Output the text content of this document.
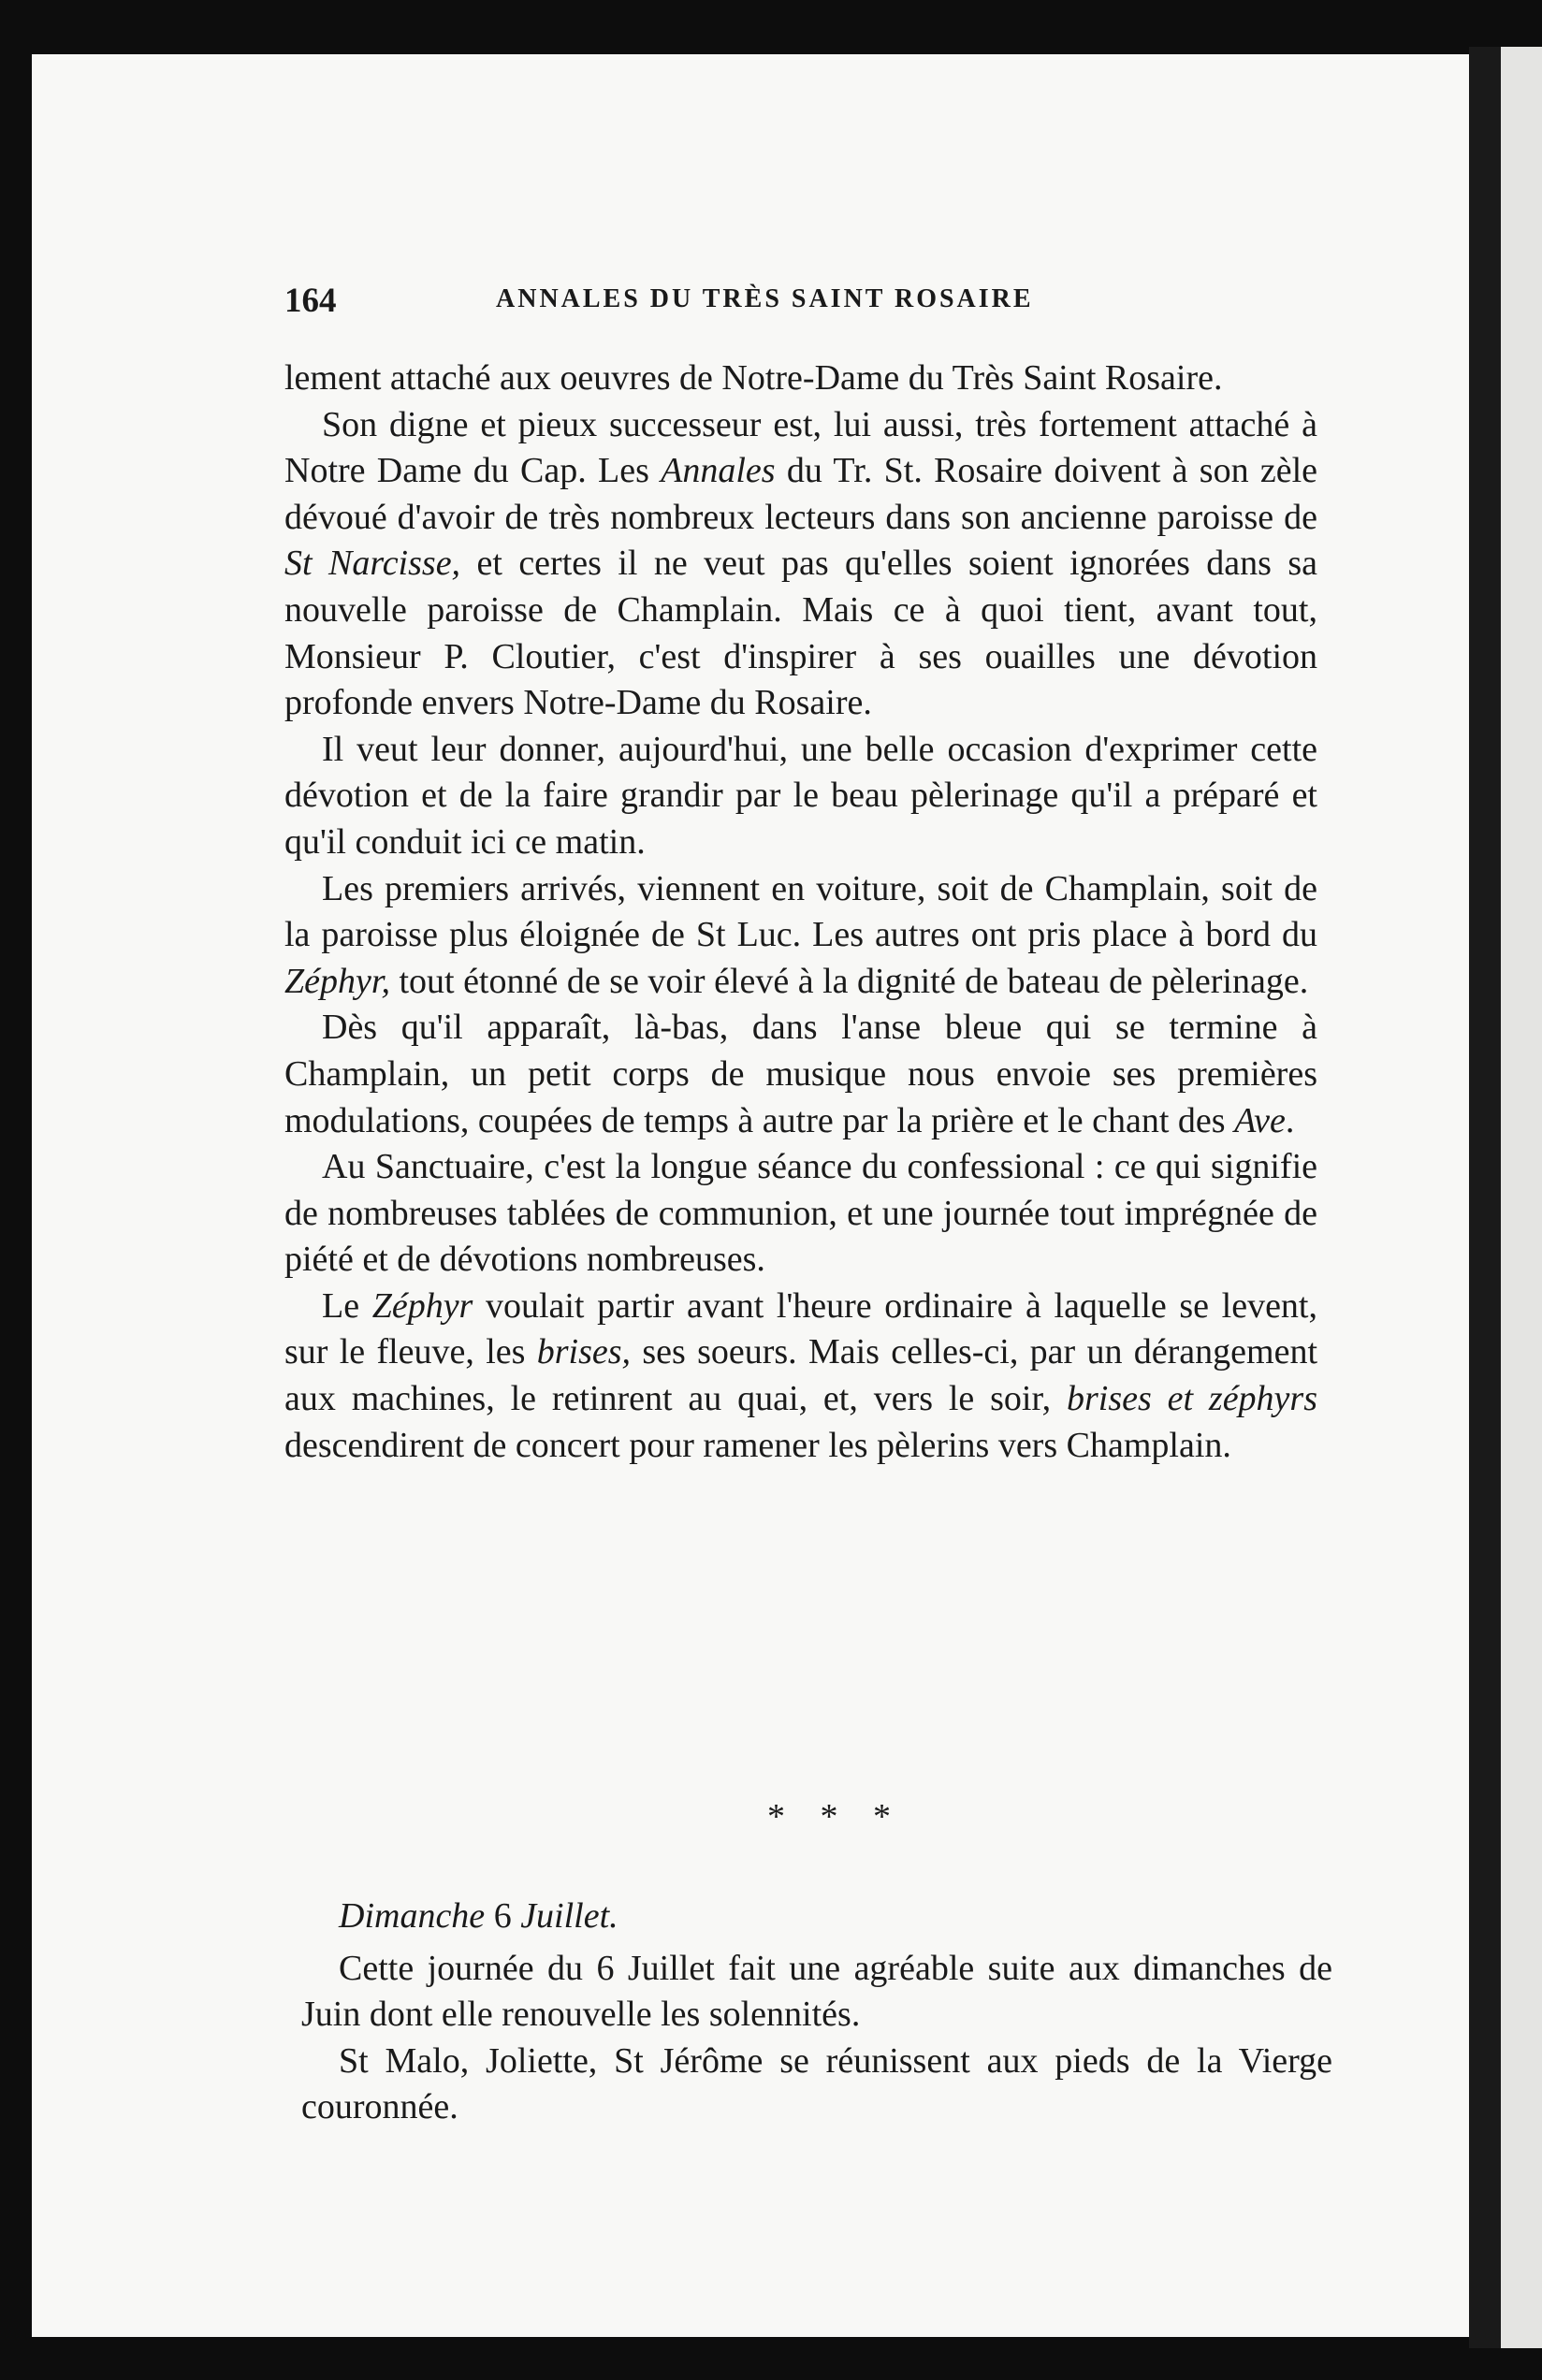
164	ANNALES DU TRÈS SAINT ROSAIRE

lement attaché aux oeuvres de Notre-Dame du Très Saint Rosaire.

Son digne et pieux successeur est, lui aussi, très fortement attaché à Notre Dame du Cap. Les Annales du Tr. St. Rosaire doivent à son zèle dévoué d'avoir de très nombreux lecteurs dans son ancienne paroisse de St Narcisse, et certes il ne veut pas qu'elles soient ignorées dans sa nouvelle paroisse de Champlain. Mais ce à quoi tient, avant tout, Monsieur P. Cloutier, c'est d'inspirer à ses ouailles une dévotion profonde envers Notre-Dame du Rosaire.

Il veut leur donner, aujourd'hui, une belle occasion d'exprimer cette dévotion et de la faire grandir par le beau pèlerinage qu'il a préparé et qu'il conduit ici ce matin.

Les premiers arrivés, viennent en voiture, soit de Champlain, soit de la paroisse plus éloignée de St Luc. Les autres ont pris place à bord du Zéphyr, tout étonné de se voir élevé à la dignité de bateau de pèlerinage.

Dès qu'il apparaît, là-bas, dans l'anse bleue qui se termine à Champlain, un petit corps de musique nous envoie ses premières modulations, coupées de temps à autre par la prière et le chant des Ave.

Au Sanctuaire, c'est la longue séance du confessional : ce qui signifie de nombreuses tablées de communion, et une journée tout imprégnée de piété et de dévotions nombreuses.

Le Zéphyr voulait partir avant l'heure ordinaire à laquelle se levent, sur le fleuve, les brises, ses soeurs. Mais celles-ci, par un dérangement aux machines, le retinrent au quai, et, vers le soir, brises et zéphyrs descendirent de concert pour ramener les pèlerins vers Champlain.

* * *

Dimanche 6 Juillet.

Cette journée du 6 Juillet fait une agréable suite aux dimanches de Juin dont elle renouvelle les solennités.

St Malo, Joliette, St Jérôme se réunissent aux pieds de la Vierge couronnée.
